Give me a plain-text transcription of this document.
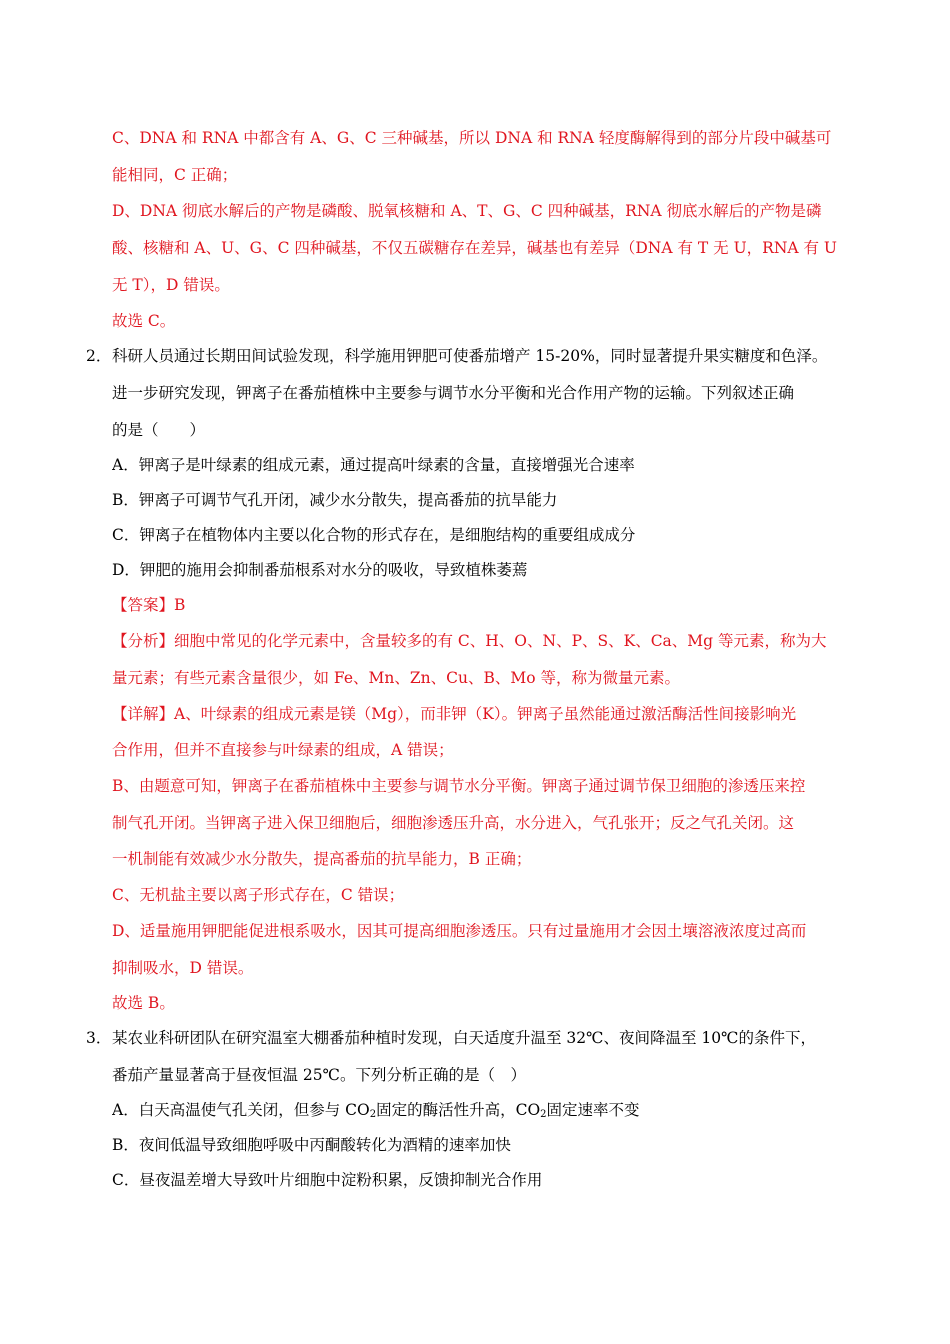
C、DNA 和 RNA 中都含有 A、G、C 三种碱基，所以 DNA 和 RNA 轻度酶解得到的部分片段中碱基可
能相同，C 正确；
D、DNA 彻底水解后的产物是磷酸、脱氧核糖和 A、T、G、C 四种碱基，RNA 彻底水解后的产物是磷
酸、核糖和 A、U、G、C 四种碱基，不仅五碳糖存在差异，碱基也有差异（DNA 有 T 无 U，RNA 有 U
无 T），D 错误。
故选 C。
2． 科研人员通过长期田间试验发现，科学施用钾肥可使番茄增产 15-20%，同时显著提升果实糖度和色泽。
进一步研究发现，钾离子在番茄植株中主要参与调节水分平衡和光合作用产物的运输。下列叙述正确
的是（　　）
A．钾离子是叶绿素的组成元素，通过提高叶绿素的含量，直接增强光合速率
B．钾离子可调节气孔开闭，减少水分散失，提高番茄的抗旱能力
C．钾离子在植物体内主要以化合物的形式存在，是细胞结构的重要组成成分
D．钾肥的施用会抑制番茄根系对水分的吸收，导致植株萎蔫
【答案】B
【分析】细胞中常见的化学元素中，含量较多的有 C、H、O、N、P、S、K、Ca、Mg 等元素，称为大
量元素；有些元素含量很少，如 Fe、Mn、Zn、Cu、B、Mo 等，称为微量元素。
【详解】A、叶绿素的组成元素是镁（Mg），而非钾（K）。钾离子虽然能通过激活酶活性间接影响光
合作用，但并不直接参与叶绿素的组成，A 错误；
B、由题意可知，钾离子在番茄植株中主要参与调节水分平衡。钾离子通过调节保卫细胞的渗透压来控
制气孔开闭。当钾离子进入保卫细胞后，细胞渗透压升高，水分进入，气孔张开；反之气孔关闭。这
一机制能有效减少水分散失，提高番茄的抗旱能力，B 正确；
C、无机盐主要以离子形式存在，C 错误；
D、适量施用钾肥能促进根系吸水，因其可提高细胞渗透压。只有过量施用才会因土壤溶液浓度过高而
抑制吸水，D 错误。
故选 B。
3． 某农业科研团队在研究温室大棚番茄种植时发现，白天适度升温至 32℃、夜间降温至 10℃的条件下，
番茄产量显著高于昼夜恒温 25℃。下列分析正确的是（　）
A．白天高温使气孔关闭，但参与 $CO_2$固定的酶活性升高，$CO_2$固定速率不变
B．夜间低温导致细胞呼吸中丙酮酸转化为酒精的速率加快
C．昼夜温差增大导致叶片细胞中淀粉积累，反馈抑制光合作用
